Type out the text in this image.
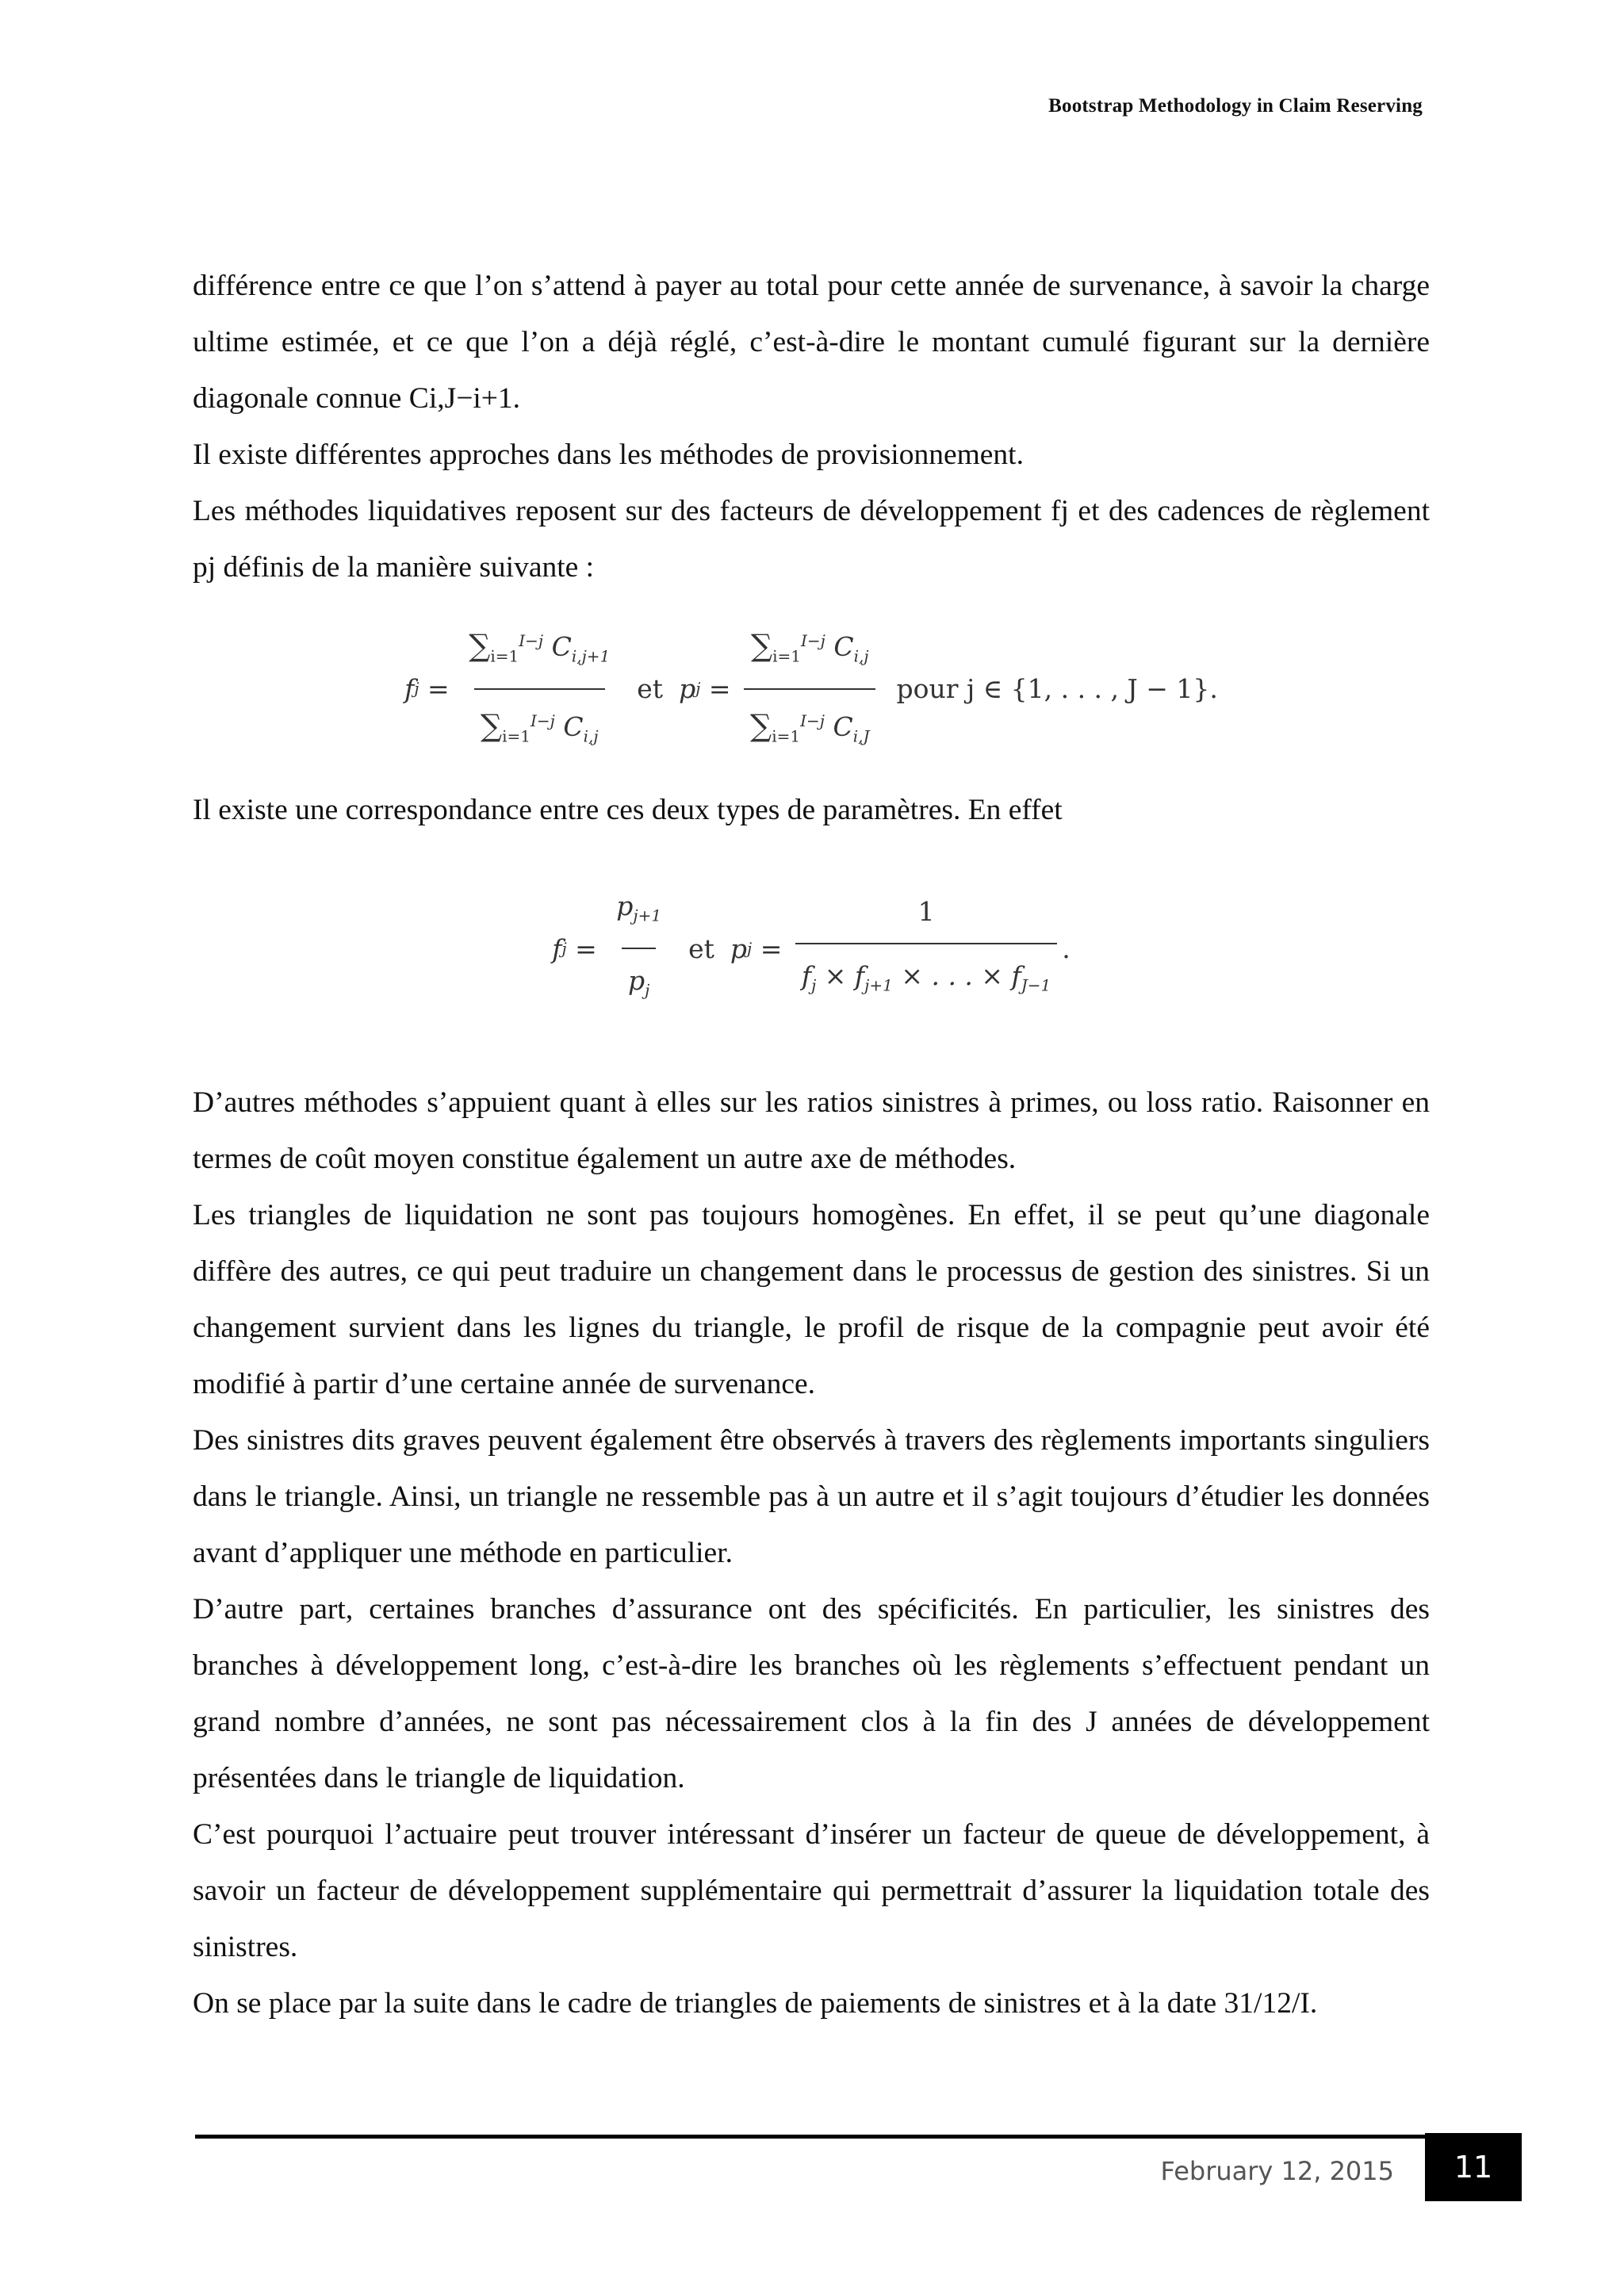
Bootstrap Methodology in Claim Reserving

différence entre ce que l’on s’attend à payer au total pour cette année de survenance, à savoir la charge ultime estimée, et ce que l’on a déjà réglé, c’est-à-dire le montant cumulé figurant sur la dernière diagonale connue Ci,J−i+1.

Il existe différentes approches dans les méthodes de provisionnement.

Les méthodes liquidatives reposent sur des facteurs de développement fj et des cadences de règlement pj définis de la manière suivante :

f $j = \frac{\sum_{i=1}^{I-j} C_{i,j+1}}{\sum_{i=1}^{I-j} C_{i,j}}$ et p $j = \frac{\sum_{i=1}^{I-j} C_{i,j}}{\sum_{i=1}^{I-j} C_{i,J}}$ pour j ∈ {1, . . . , J − 1}.

Il existe une correspondance entre ces deux types de paramètres. En effet

f $j = \frac{p_{j+1}}{p_j}$ et p $j = \frac{1}{f_j \times f_{j+1} \times . . . \times f_{J-1}}$ .

D’autres méthodes s’appuient quant à elles sur les ratios sinistres à primes, ou loss ratio. Raisonner en termes de coût moyen constitue également un autre axe de méthodes.

Les triangles de liquidation ne sont pas toujours homogènes. En effet, il se peut qu’une diagonale diffère des autres, ce qui peut traduire un changement dans le processus de gestion des sinistres. Si un changement survient dans les lignes du triangle, le profil de risque de la compagnie peut avoir été modifié à partir d’une certaine année de survenance.

Des sinistres dits graves peuvent également être observés à travers des règlements importants singuliers dans le triangle. Ainsi, un triangle ne ressemble pas à un autre et il s’agit toujours d’étudier les données avant d’appliquer une méthode en particulier.

D’autre part, certaines branches d’assurance ont des spécificités. En particulier, les sinistres des branches à développement long, c’est-à-dire les branches où les règlements s’effectuent pendant un grand nombre d’années, ne sont pas nécessairement clos à la fin des J années de développement présentées dans le triangle de liquidation.

C’est pourquoi l’actuaire peut trouver intéressant d’insérer un facteur de queue de développement, à savoir un facteur de développement supplémentaire qui permettrait d’assurer la liquidation totale des sinistres.

On se place par la suite dans le cadre de triangles de paiements de sinistres et à la date 31/12/I.

February 12, 2015 11
